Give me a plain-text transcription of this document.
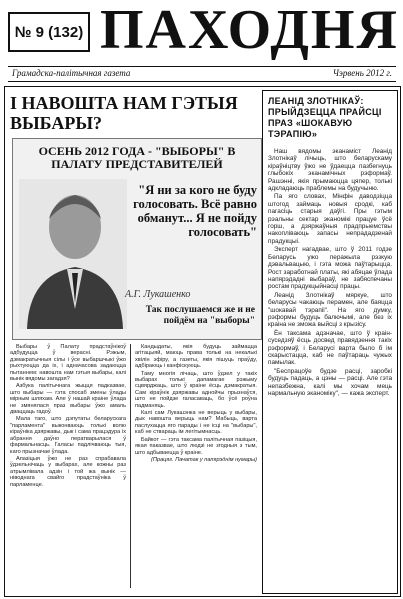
№ 9 (132) ПАХОДНЯ
Грамадска-палітычная газета	Чэрвень 2012 г.
І НАВОШТА НАМ ГЭТЫЯ ВЫБАРЫ?
ОСЕНЬ 2012 ГОДА - "ВЫБОРЫ" В ПАЛАТУ ПРЕДСТАВИТЕЛЕЙ
"Я ни за кого не буду голосовать. Всё равно обманут... Я не пойду голосовать"
А.Г. Лукашенко
Так послушаемся же и не пойдём на "выборы"

Выбары ў Палату прадстаўнікоў адбудуцца ў верасні. Рэжым, дэмакратычныя сілы і ўсе выбаршчыкі ўжо рыхтуюцца да іх, і адначасова задаюцца пытаннем: навошта нам гэтыя выбары, калі вынік вядомы загадзя?

Азбука палітычнага жыцця падказвае, што выбары — гэта спосаб змены ўлады мірным шляхам. Але ў нашай краіне ўлада не змянялася праз выбары ўжо амаль дваццаць гадоў.

Мала таго, што дэпутаты беларускага "парламента" выконваюць толькі волю кіраўніка дзяржавы, дык і сама працэдура іх абрання даўно ператварылася ў фармальнасць. Галасы падлічваюць тыя, каго прызначае ўлада.

Апазіцыя ўжо не раз спрабавала ўдзельнічаць у выбарах, але кожны раз атрымлівала адзін і той жа вынік — ніводнага свайго прадстаўніка ў парламенце.

Кандыдаты, якія будуць займацца агітацыяй, маюць права толькі на некалькі хвілін эфіру, а газеты, якія пішуць праўду, адбіраюць і канфіскуюць.

Таму многія лічаць, што ўдзел у такіх выбарах толькі дапамагае рэжыму сцвярджаць, што ў краіне ёсць дэмакратыя. Сам кіраўнік дзяржавы аднойчы прызнаўся, што не пойдзе галасаваць, бо ўсё роўна падманяць.

Калі сам Лукашэнка не верыць у выбары, дык навошта верыць нам? Мабыць, варта паслухацца яго парады і не ісці на "выбары", каб не ствараць ім легітымнасць.

Байкот — гэта таксама палітычная пазіцыя, якая паказвае, што людзі не згодныя з тым, што адбываецца ў краіне.

(Працяг. Пачатак у папярэднім нумары)

ЛЕАНІД ЗЛОТНІКАЎ: ПРЫЙДЗЕЦЦА ПРАЙСЦІ ПРАЗ «ШОКАВУЮ ТЭРАПІЮ»

Наш вядомы эканаміст Леанід Злотнікаў лічыць, што беларускаму кіраўніцтву ўжо не ўдаецца пазбегнуць глыбокіх эканамічных рэформаў. Рашэнні, якія прымаюцца цяпер, толькі адкладаюць праблемы на будучыню.

Па яго словах, Мінфін даводзіцца штогод займаць новыя сродкі, каб пагасіць старыя даўгі. Пры гэтым рэальны сектар эканомікі працуе ўсё горш, а дзяржаўныя прадпрыемствы накопліваюць запасы непрададзенай прадукцыі.

Эксперт нагадвае, што ў 2011 годзе Беларусь ужо перажыла рэзкую дэвальвацыю, і гэта можа паўтарыцца. Рост заработнай платы, які абяцае ўлада напярэдадні выбараў, не забяспечаны ростам прадукцыйнасці працы.

Леанід Злотнікаў мяркуе, што беларусы чакаюць перамен, але баяцца "шокавай тэрапіі". На яго думку, рэформы будуць балючымі, але без іх краіна не зможа выйсці з крызісу.

Ён таксама адзначае, што ў краін-суседзяў ёсць досвед правядзення такіх рэформаў, і Беларусі варта было б ім скарыстацца, каб не паўтараць чужых памылак.

"Беспрацоўе будзе расці, заробкі будуць падаць, а цэны — расці. Але гэта непазбежна, калі мы хочам мець нармальную эканоміку", — кажа эксперт.
